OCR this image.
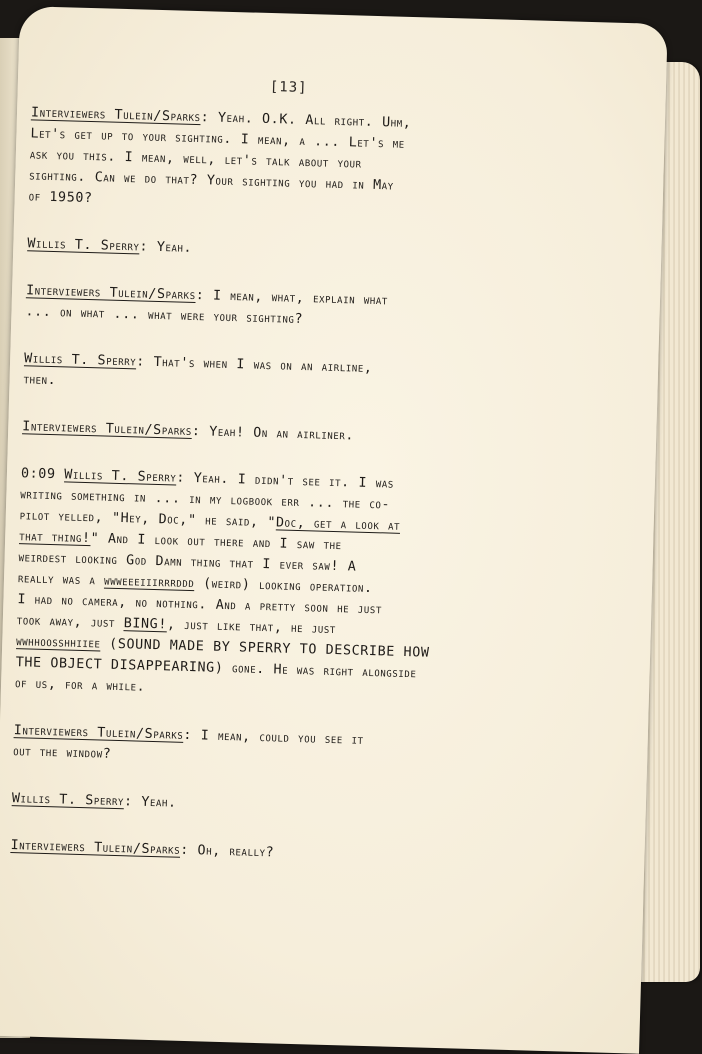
[13]
Interviewers Tulein/Sparks: Yeah. O.K. All right. Uhm,
Let's get up to your sighting. I mean, a ... Let's me
ask you this. I mean, well, let's talk about your
sighting. Can we do that? Your sighting you had in May
of 1950?
Willis T. Sperry: Yeah.
Interviewers Tulein/Sparks: I mean, what, explain what
... on what ... what were your sighting?
Willis T. Sperry: That's when I was on an airline,
then.
Interviewers Tulein/Sparks: Yeah! On an airliner.
0:09 Willis T. Sperry: Yeah. I didn't see it. I was
writing something in ... in my logbook err ... the co-
pilot yelled, "Hey, Doc," he said, "Doc, get a look at
that thing!" And I look out there and I saw the
weirdest looking God Damn thing that I ever saw! A
really was a wwweeeiiirrrddd (weird) looking operation.
I had no camera, no nothing. And a pretty soon he just
took away, just BING!, just like that, he just
wwhhoosshhiiee (SOUND MADE BY SPERRY TO DESCRIBE HOW
THE OBJECT DISAPPEARING) gone. He was right alongside
of us, for a while.
Interviewers Tulein/Sparks: I mean, could you see it
out the window?
Willis T. Sperry: Yeah.
Interviewers Tulein/Sparks: Oh, really?
